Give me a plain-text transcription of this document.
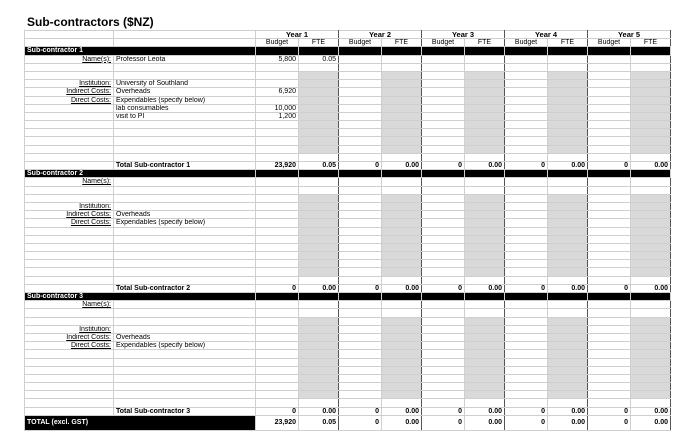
Sub-contractors ($NZ)
		Year 1		Year 2		Year 3		Year 4		Year 5	
		Budget	FTE	Budget	FTE	Budget	FTE	Budget	FTE	Budget	FTE
Sub-contractor 1											
Name(s):	Professor Leota	5,800	0.05								

Institution:	University of Southland										
Indirect Costs:	Overheads	6,920									
Direct Costs:	Expendables (specify below)										
	lab consumables	10,000									
	visit to PI	1,200									

	Total Sub-contractor 1	23,920	0.05	0	0.00	0	0.00	0	0.00	0	0.00
Sub-contractor 2											
Name(s):											

Institution:											
Indirect Costs:	Overheads										
Direct Costs:	Expendables (specify below)										

	Total Sub-contractor 2	0	0.00	0	0.00	0	0.00	0	0.00	0	0.00
Sub-contractor 3											
Name(s):											

Institution:											
Indirect Costs:	Overheads										
Direct Costs:	Expendables (specify below)										

	Total Sub-contractor 3	0	0.00	0	0.00	0	0.00	0	0.00	0	0.00
TOTAL (excl. GST)		23,920	0.05	0	0.00	0	0.00	0	0.00	0	0.00
